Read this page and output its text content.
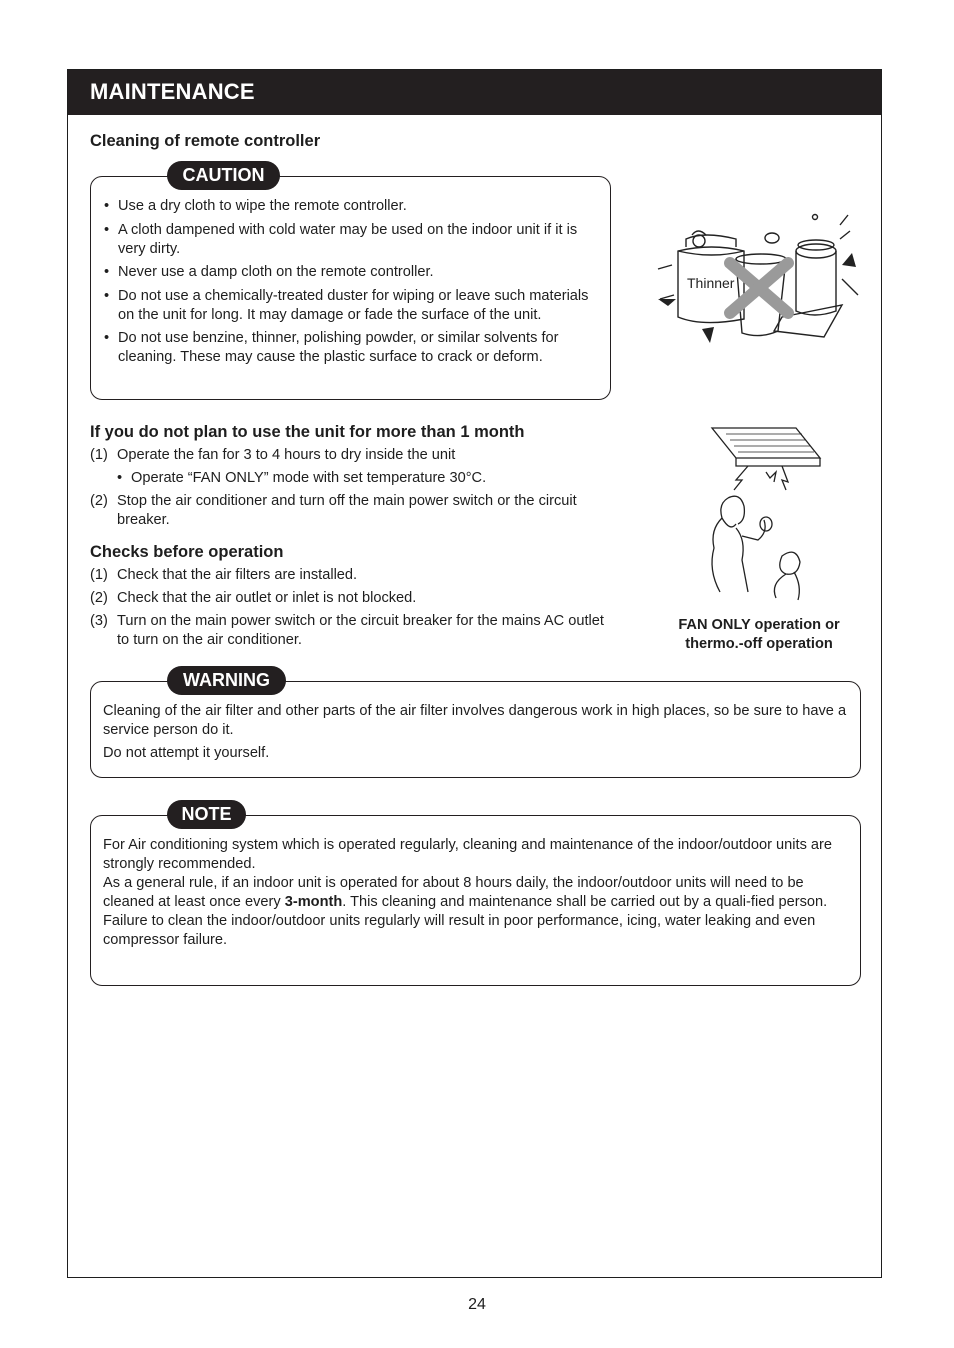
MAINTENANCE
Cleaning of remote controller
• Use a dry cloth to wipe the remote controller.
• A cloth dampened with cold water may be used on the indoor unit if it is very dirty.
• Never use a damp cloth on the remote controller.
• Do not use a chemically-treated duster for wiping or leave such materials on the unit for long. It may damage or fade the surface of the unit.
• Do not use benzine, thinner, polishing powder, or similar solvents for cleaning. These may cause the plastic surface to crack or deform.
CAUTION
Thinner
If you do not plan to use the unit for more than 1 month
(1) Operate the fan for 3 to 4 hours to dry inside the unit
• Operate “FAN ONLY” mode with set temperature 30°C.
(2) Stop the air conditioner and turn off the main power switch or the circuit breaker.
Checks before operation
(1) Check that the air filters are installed.
(2) Check that the air outlet or inlet is not blocked.
(3) Turn on the main power switch or the circuit breaker for the mains AC outlet to turn on the air conditioner.
FAN ONLY operation or
thermo.-off operation

Cleaning of the air filter and other parts of the air filter involves dangerous work in high places, so be sure to have a service person do it.

Do not attempt it yourself.

WARNING

For Air conditioning system which is operated regularly, cleaning and maintenance of the indoor/outdoor units are strongly recommended.

As a general rule, if an indoor unit is operated for about 8 hours daily, the indoor/outdoor units will need to be cleaned at least once every 3-month. This cleaning and maintenance shall be carried out by a quali-fied person.

Failure to clean the indoor/outdoor units regularly will result in poor performance, icing, water leaking and even compressor failure.

NOTE
24
